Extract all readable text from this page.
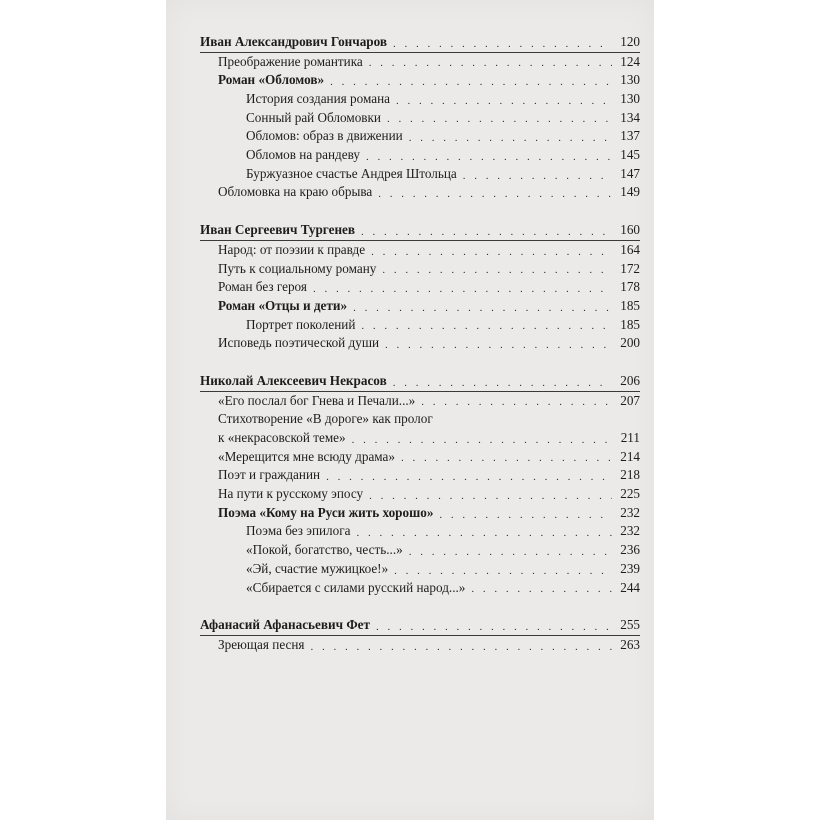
Иван Александрович Гончаров . . .	120
Преображение романтика . . .	124
Роман «Обломов» . . .	130
История создания романа . . .	130
Сонный рай Обломовки . . .	134
Обломов: образ в движении . . .	137
Обломов на рандеву . . .	145
Буржуазное счастье Андрея Штольца . . .	147
Обломовка на краю обрыва . . .	149
Иван Сергеевич Тургенев . . .	160
Народ: от поэзии к правде . . .	164
Путь к социальному роману . . .	172
Роман без героя . . .	178
Роман «Отцы и дети» . . .	185
Портрет поколений . . .	185
Исповедь поэтической души . . .	200
Николай Алексеевич Некрасов . . .	206
«Его послал бог Гнева и Печали...» . . .	207
Стихотворение «В дороге» как пролог
к «некрасовской теме» . . .	211
«Мерещится мне всюду драма» . . .	214
Поэт и гражданин . . .	218
На пути к русскому эпосу . . .	225
Поэма «Кому на Руси жить хорошо» . . .	232
Поэма без эпилога . . .	232
«Покой, богатство, честь...» . . .	236
«Эй, счастие мужицкое!» . . .	239
«Сбирается с силами русский народ...» . . .	244
Афанасий Афанасьевич Фет . . .	255
Зреющая песня . . .	263
